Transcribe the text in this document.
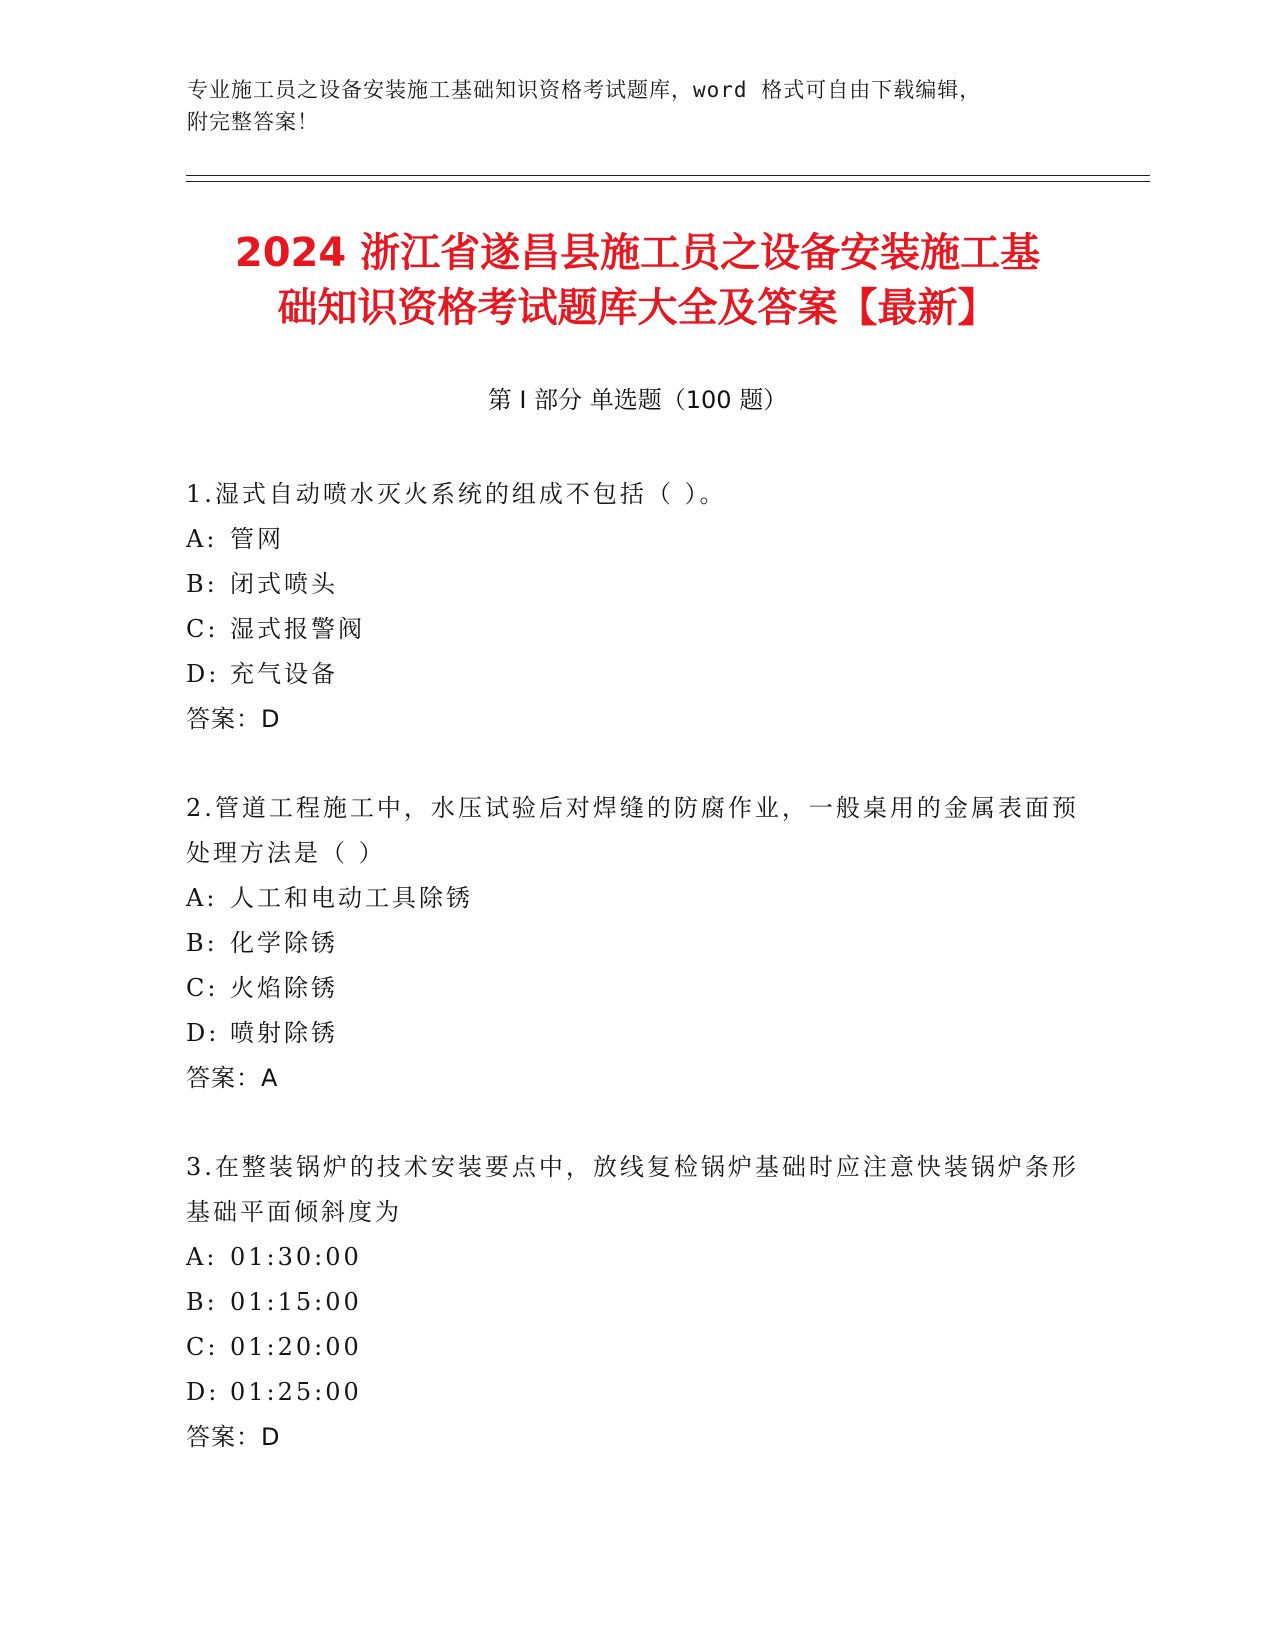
专业施工员之设备安装施工基础知识资格考试题库，word 格式可自由下载编辑，
附完整答案！
2024 浙江省遂昌县施工员之设备安装施工基
础知识资格考试题库大全及答案【最新】
第 I 部分 单选题（100 题）

1.湿式自动喷水灭火系统的组成不包括（ ）。

A: 管网

B: 闭式喷头

C: 湿式报警阀

D: 充气设备

答案：D

2.管道工程施工中，水压试验后对焊缝的防腐作业，一般桌用的金属表面预处理方法是（ ）

A: 人工和电动工具除锈

B: 化学除锈

C: 火焰除锈

D: 喷射除锈

答案：A

3.在整装锅炉的技术安装要点中，放线复检锅炉基础时应注意快装锅炉条形基础平面倾斜度为

A: 01:30:00

B: 01:15:00

C: 01:20:00

D: 01:25:00

答案：D
